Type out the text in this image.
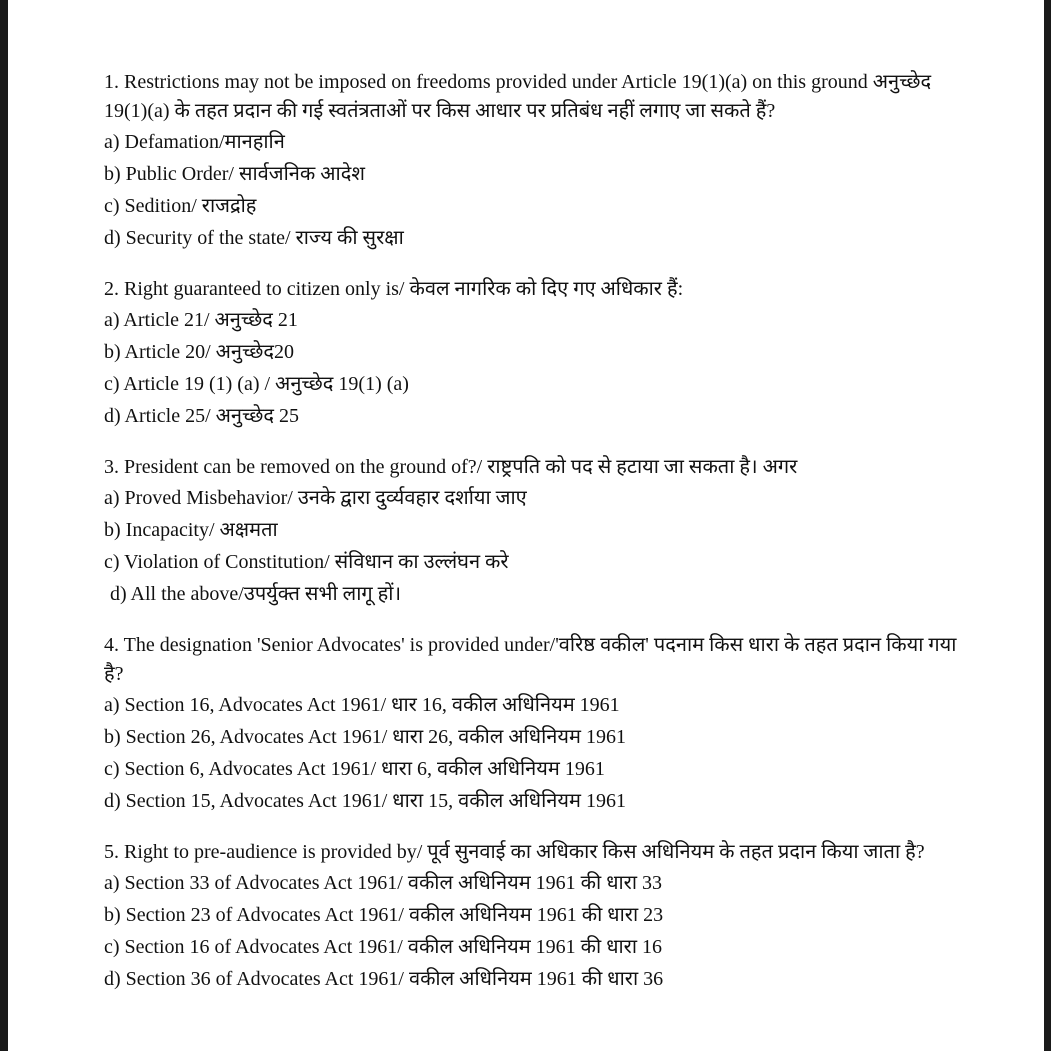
1. Restrictions may not be imposed on freedoms provided under Article 19(1)(a) on this ground अनुच्छेद 19(1)(a) के तहत प्रदान की गई स्वतंत्रताओं पर किस आधार पर प्रतिबंध नहीं लगाए जा सकते हैं?
a) Defamation/मानहानि
b) Public Order/ सार्वजनिक आदेश
c) Sedition/ राजद्रोह
d) Security of the state/ राज्य की सुरक्षा
2. Right guaranteed to citizen only is/ केवल नागरिक को दिए गए अधिकार हैं:
a) Article 21/ अनुच्छेद 21
b) Article 20/ अनुच्छेद20
c) Article 19 (1) (a) / अनुच्छेद 19(1) (a)
d) Article 25/ अनुच्छेद 25
3. President can be removed on the ground of?/ राष्ट्रपति को पद से हटाया जा सकता है। अगर
a) Proved Misbehavior/ उनके द्वारा दुर्व्यवहार दर्शाया जाए
b) Incapacity/ अक्षमता
c) Violation of Constitution/ संविधान का उल्लंघन करे
d) All the above/उपर्युक्त सभी लागू हों।
4. The designation 'Senior Advocates' is provided under/'वरिष्ठ वकील' पदनाम किस धारा के तहत प्रदान किया गया है?
a) Section 16, Advocates Act 1961/ धार 16, वकील अधिनियम 1961
b) Section 26, Advocates Act 1961/ धारा 26, वकील अधिनियम 1961
c) Section 6, Advocates Act 1961/ धारा 6, वकील अधिनियम 1961
d) Section 15, Advocates Act 1961/ धारा 15, वकील अधिनियम 1961
5. Right to pre-audience is provided by/ पूर्व सुनवाई का अधिकार किस अधिनियम के तहत प्रदान किया जाता है?
a) Section 33 of Advocates Act 1961/ वकील अधिनियम 1961 की धारा 33
b) Section 23 of Advocates Act 1961/ वकील अधिनियम 1961 की धारा 23
c) Section 16 of Advocates Act 1961/ वकील अधिनियम 1961 की धारा 16
d) Section 36 of Advocates Act 1961/ वकील अधिनियम 1961 की धारा 36
